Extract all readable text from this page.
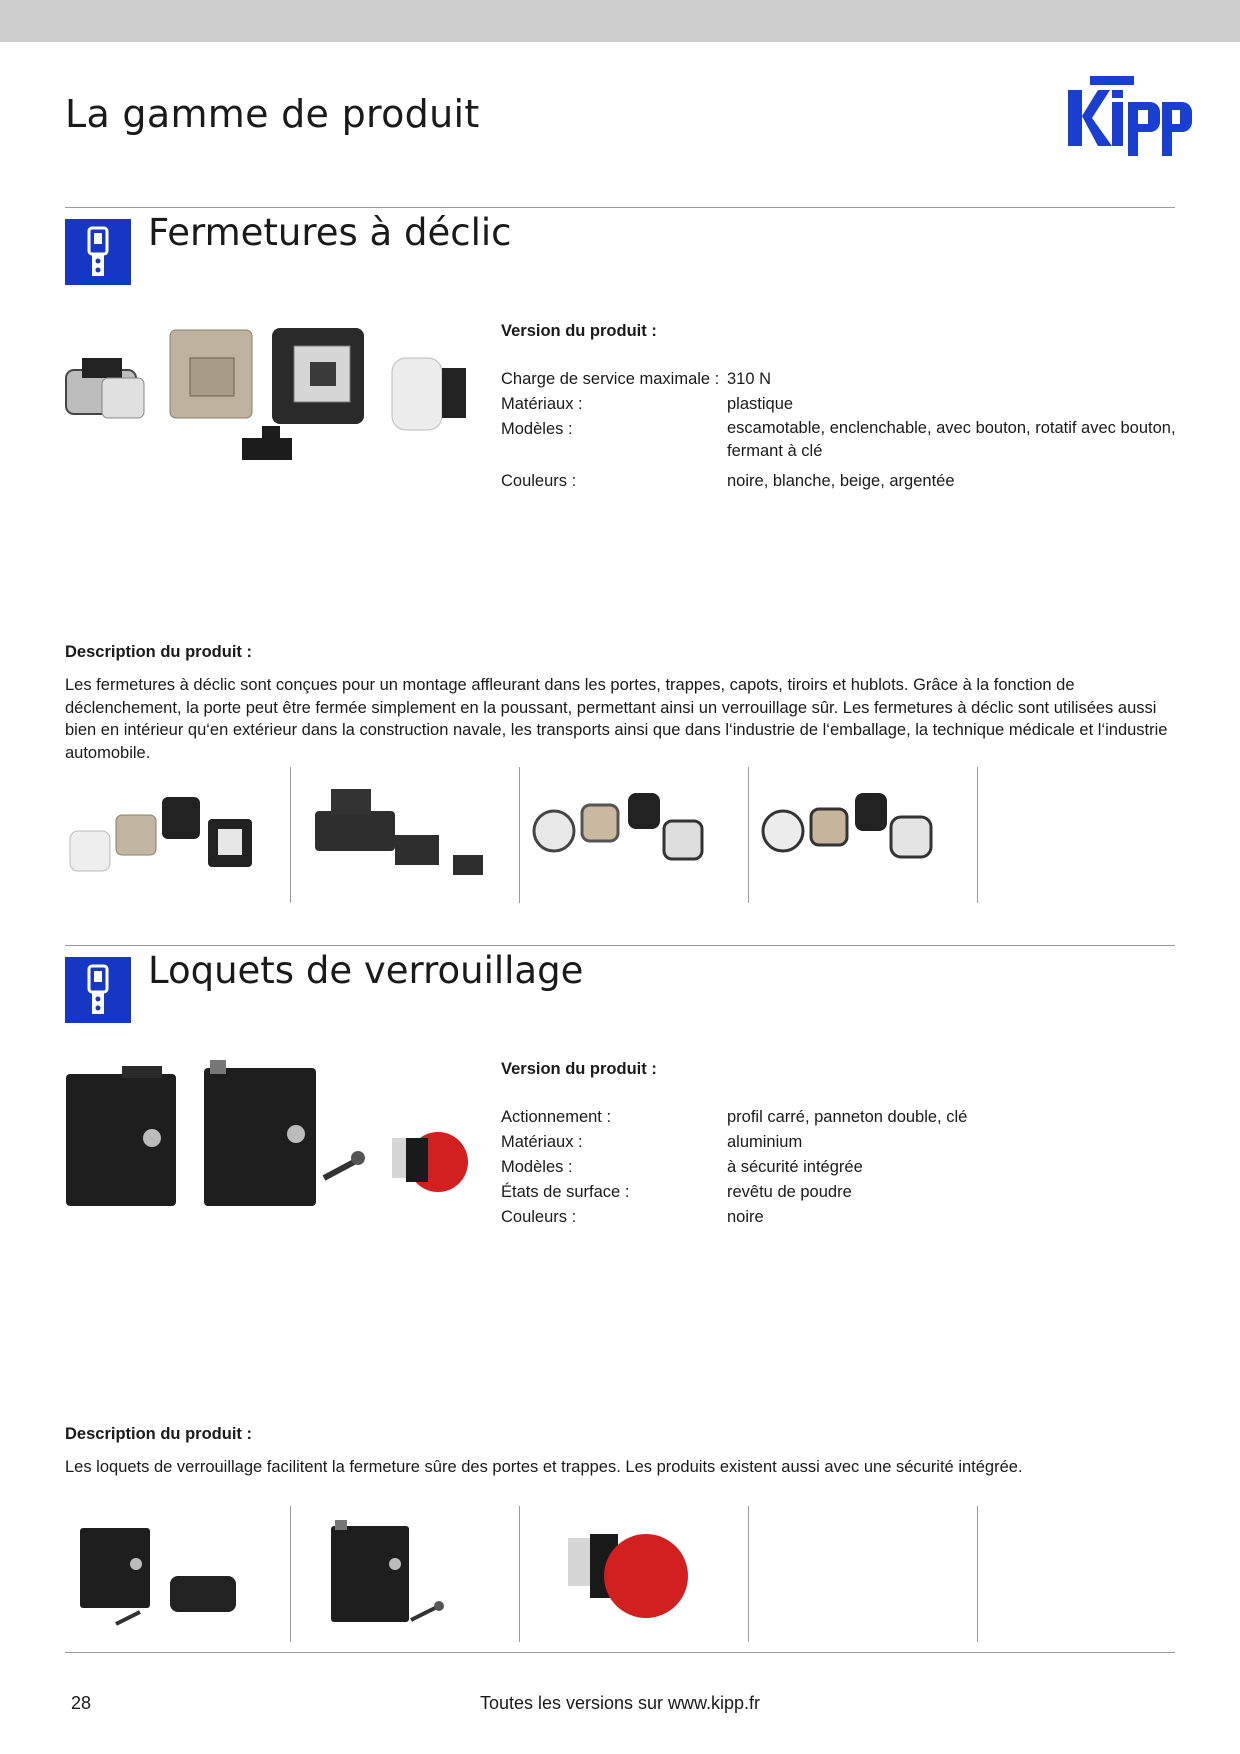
La gamme de produit
Fermetures à déclic

Version du produit :

Charge de service maximale : 310 N
Matériaux :	plastique
Modèles :	escamotable, enclenchable, avec bouton, rotatif avec bouton, fermant à clé
Couleurs :	noire, blanche, beige, argentée

Description du produit :

Les fermetures à déclic sont conçues pour un montage affleurant dans les portes, trappes, capots, tiroirs et hublots. Grâce à la fonction de déclenchement, la porte peut être fermée simplement en la poussant, permettant ainsi un verrouillage sûr. Les fermetures à déclic sont utilisées aussi bien en intérieur qu‘en extérieur dans la construction navale, les transports ainsi que dans l‘industrie de l‘emballage, la technique médicale et l‘industrie automobile.

Loquets de verrouillage

Version du produit :

Actionnement :	profil carré, panneton double, clé
Matériaux :	aluminium
Modèles :	à sécurité intégrée
États de surface :	revêtu de poudre
Couleurs :	noire

Description du produit :

Les loquets de verrouillage facilitent la fermeture sûre des portes et trappes. Les produits existent aussi avec une sécurité intégrée.

28	Toutes les versions sur www.kipp.fr
